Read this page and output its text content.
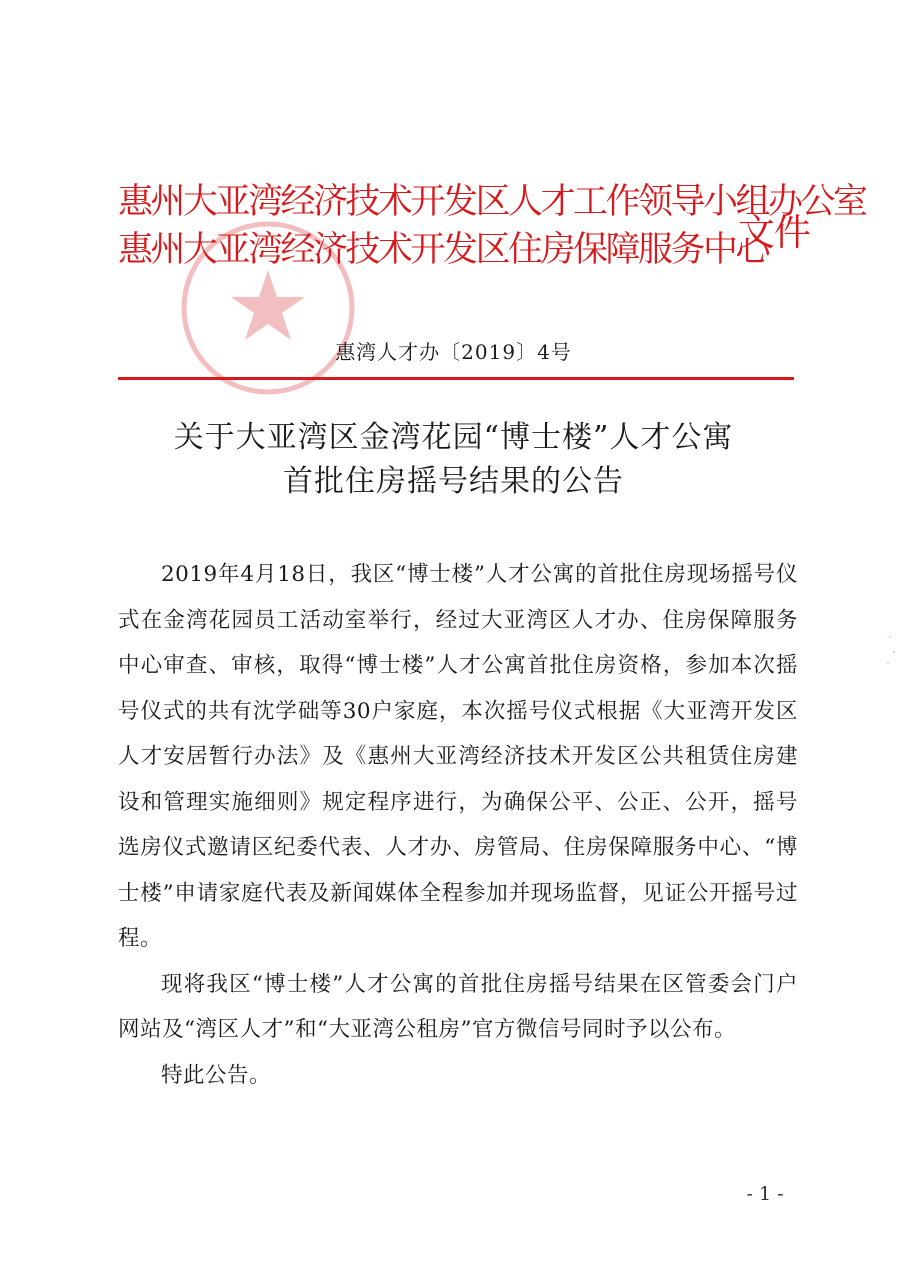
惠州大亚湾经济技术开发区人才工作领导小组办公室
惠州大亚湾经济技术开发区住房保障服务中心
文件
惠湾人才办〔2019〕4号
关于大亚湾区金湾花园“博士楼”人才公寓
首批住房摇号结果的公告

2019年4月18日，我区“博士楼”人才公寓的首批住房现场摇号仪式在金湾花园员工活动室举行，经过大亚湾区人才办、住房保障服务中心审查、审核，取得“博士楼”人才公寓首批住房资格，参加本次摇号仪式的共有沈学础等30户家庭，本次摇号仪式根据《大亚湾开发区人才安居暂行办法》及《惠州大亚湾经济技术开发区公共租赁住房建设和管理实施细则》规定程序进行，为确保公平、公正、公开，摇号选房仪式邀请区纪委代表、人才办、房管局、住房保障服务中心、“博士楼”申请家庭代表及新闻媒体全程参加并现场监督，见证公开摇号过程。

现将我区“博士楼”人才公寓的首批住房摇号结果在区管委会门户网站及“湾区人才”和“大亚湾公租房”官方微信号同时予以公布。

特此公告。

- 1 -
